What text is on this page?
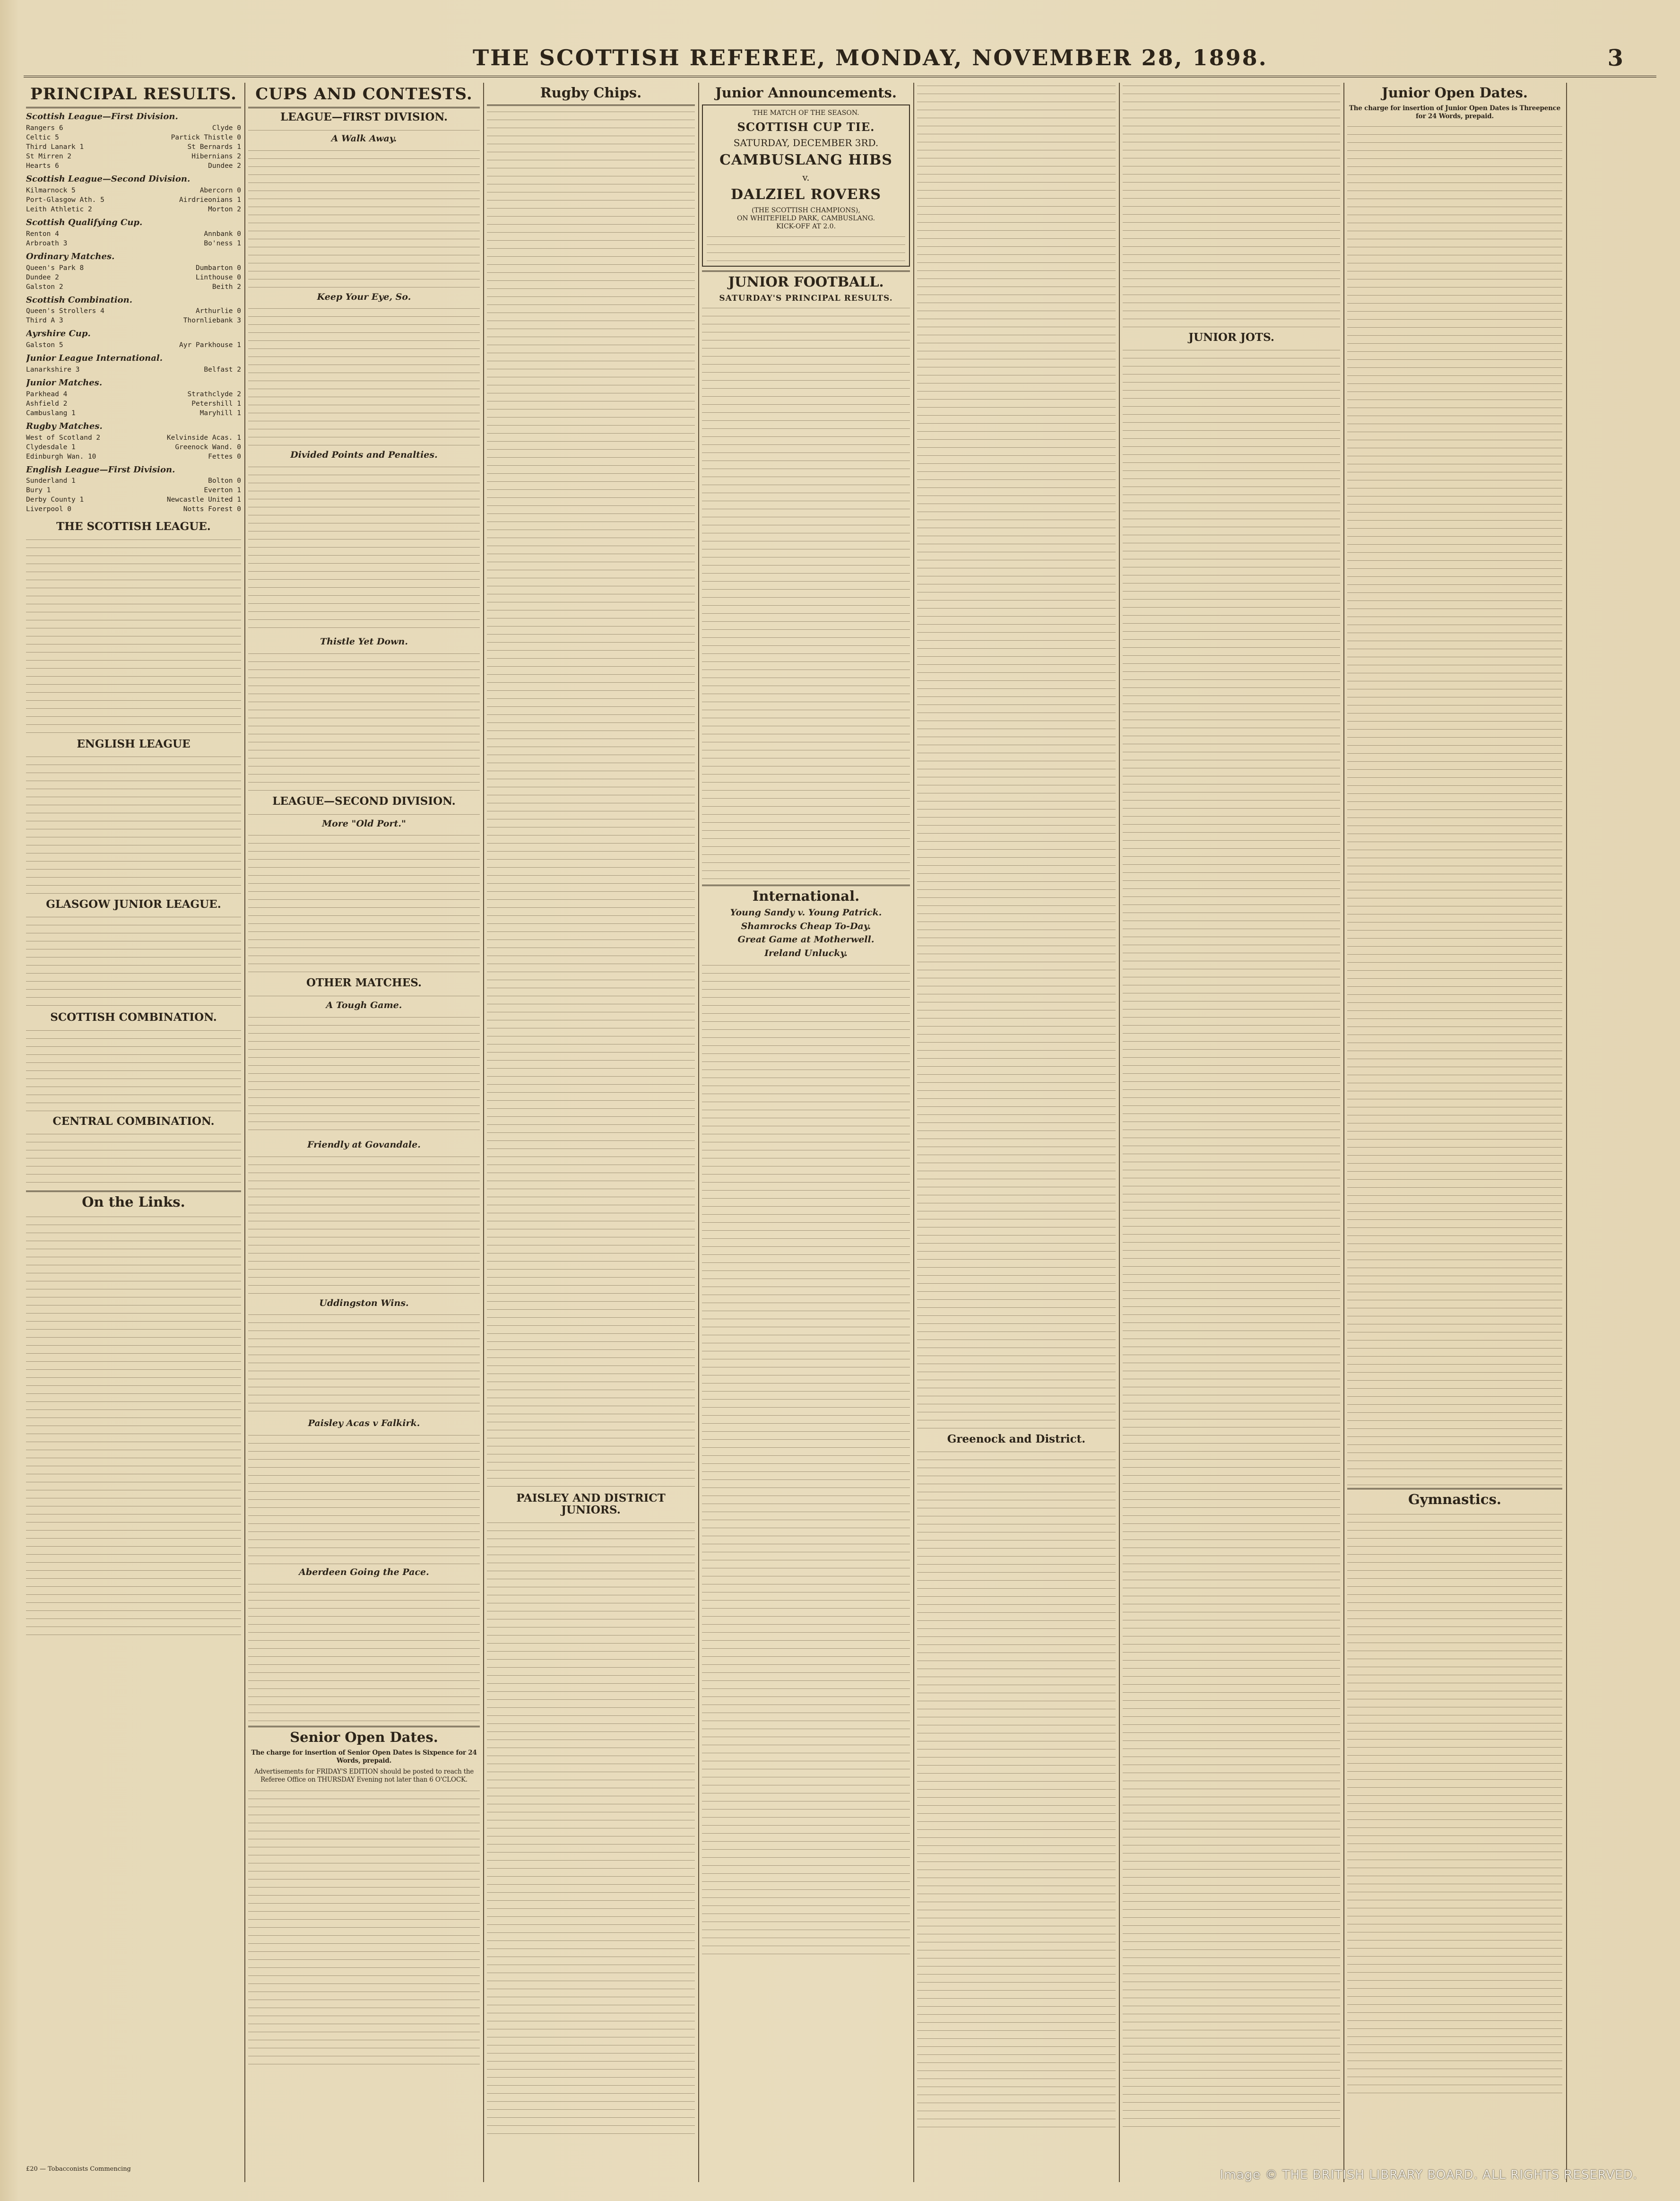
THE SCOTTISH REFEREE, MONDAY, NOVEMBER 28, 1898.	3
PRINCIPAL RESULTS.
Scottish League—First Division.
Rangers 6	Clyde 0
Celtic 5	Partick Thistle 0
Third Lanark 1	St Bernards 1
St Mirren 2	Hibernians 2
Hearts 6	Dundee 2
Scottish League—Second Division.
Kilmarnock 5	Abercorn 0
Port-Glasgow Ath. 5	Airdrieonians 1
Leith Athletic 2	Morton 2
Scottish Qualifying Cup.
Renton 4	Annbank 0
Arbroath 3	Bo'ness 1
Ordinary Matches.
Queen's Park 8	Dumbarton 0
Dundee 2	Linthouse 0
Galston 2	Beith 2
Scottish Combination.
Queen's Strollers 4	Arthurlie 0
Third A 3	Thornliebank 3
Ayrshire Cup.
Galston 5	Ayr Parkhouse 1
Junior League International.
Lanarkshire 3	Belfast 2
Junior Matches.
Parkhead 4	Strathclyde 2
Ashfield 2	Petershill 1
Cambuslang 1	Maryhill 1
Rugby Matches.
West of Scotland 2	Kelvinside Acas. 1
Clydesdale 1	Greenock Wand. 0
Edinburgh Wan. 10	Fettes 0
English League—First Division.
Sunderland 1	Bolton 0
Bury 1	Everton 1
Derby County 1	Newcastle United 1
Liverpool 0	Notts Forest 0
THE SCOTTISH LEAGUE.
ENGLISH LEAGUE
GLASGOW JUNIOR LEAGUE.
SCOTTISH COMBINATION.
CENTRAL COMBINATION.
On the Links.
£20 — Tobacconists Commencing
CUPS AND CONTESTS.
LEAGUE—FIRST DIVISION.
A Walk Away.
Keep Your Eye, So.
Divided Points and Penalties.
Thistle Yet Down.
LEAGUE—SECOND DIVISION.
More "Old Port."
OTHER MATCHES.
A Tough Game.
Friendly at Govandale.
Uddingston Wins.
Paisley Acas v Falkirk.
Aberdeen Going the Pace.
Senior Open Dates.
The charge for insertion of Senior Open Dates is Sixpence for 24 Words, prepaid.
Advertisements for FRIDAY'S EDITION should be posted to reach the Referee Office on THURSDAY Evening not later than 6 O'CLOCK.
Rugby Chips.
PAISLEY AND DISTRICT JUNIORS.
Junior Announcements.
THE MATCH OF THE SEASON.
SCOTTISH CUP TIE.
SATURDAY, DECEMBER 3RD.
CAMBUSLANG HIBS
v.
DALZIEL ROVERS
(THE SCOTTISH CHAMPIONS),
ON WHITEFIELD PARK, CAMBUSLANG.
KICK-OFF AT 2.0.
JUNIOR FOOTBALL.
SATURDAY'S PRINCIPAL RESULTS.
International.
Young Sandy v. Young Patrick.
Shamrocks Cheap To-Day.
Great Game at Motherwell.
Ireland Unlucky.
Greenock and District.
JUNIOR JOTS.
Junior Open Dates.
The charge for insertion of Junior Open Dates is Threepence for 24 Words, prepaid.
Gymnastics.
Image © THE BRITISH LIBRARY BOARD. ALL RIGHTS RESERVED.
